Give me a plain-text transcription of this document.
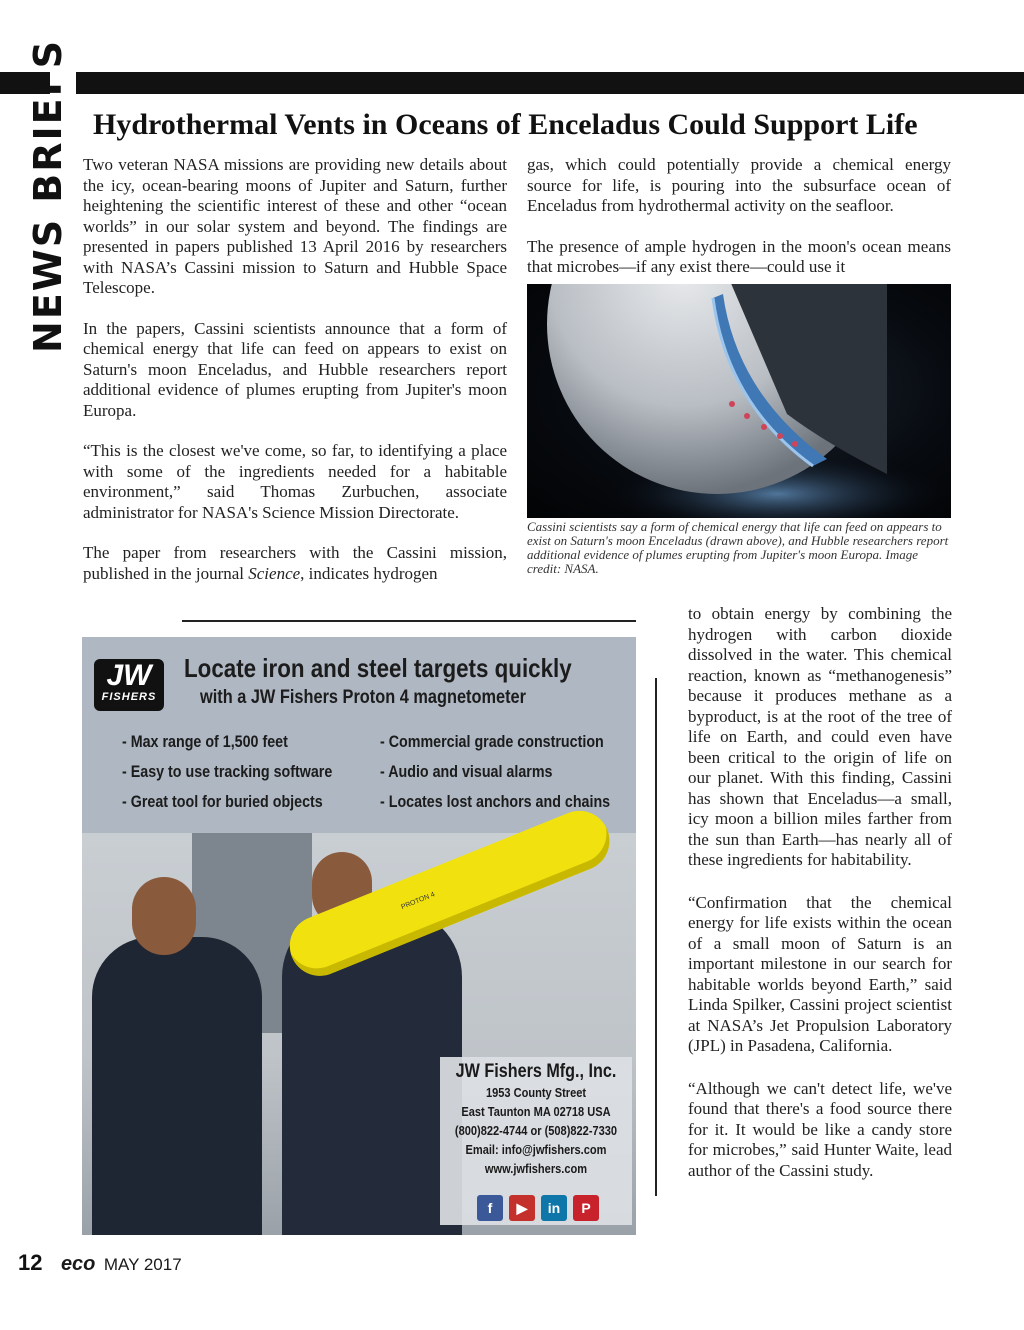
NEWS BRIEFS Hydrothermal Vents in Oceans of Enceladus Could Support Life

Two veteran NASA missions are providing new details about the icy, ocean-bearing moons of Jupiter and Saturn, further heightening the scientific interest of these and other “ocean worlds” in our solar system and beyond. The findings are presented in papers published 13 April 2016 by researchers with NASA’s Cassini mission to Saturn and Hubble Space Telescope.

In the papers, Cassini scientists announce that a form of chemical energy that life can feed on appears to exist on Saturn's moon Enceladus, and Hubble researchers report additional evidence of plumes erupting from Jupiter's moon Europa.

“This is the closest we've come, so far, to identifying a place with some of the ingredients needed for a habitable environment,” said Thomas Zurbuchen, associate administrator for NASA's Science Mission Directorate.

The paper from researchers with the Cassini mission, published in the journal Science, indicates hydrogen

gas, which could potentially provide a chemical energy source for life, is pouring into the subsurface ocean of Enceladus from hydrothermal activity on the seafloor.

The presence of ample hydrogen in the moon's ocean means that microbes—if any exist there—could use it

Cassini scientists say a form of chemical energy that life can feed on appears to exist on Saturn's moon Enceladus (drawn above), and Hubble researchers report additional evidence of plumes erupting from Jupiter's moon Europa. Image credit: NASA.
JW
FISHERS
Locate iron and steel targets quickly
with a JW Fishers Proton 4 magnetometer
- Max range of 1,500 feet
- Easy to use tracking software
- Great tool for buried objects
- Commercial grade construction
- Audio and visual alarms
- Locates lost anchors and chains
PROTON 4
JW Fishers Mfg., Inc.
1953 County Street
East Taunton MA 02718 USA
(800)822-4744 or (508)822-7330
Email: info@jwfishers.com
www.jwfishers.com
f	▶	in	P

to obtain energy by combining the hydrogen with carbon dioxide dissolved in the water. This chemical reaction, known as “methanogenesis” because it produces methane as a byproduct, is at the root of the tree of life on Earth, and could even have been critical to the origin of life on our planet. With this finding, Cassini has shown that Enceladus—a small, icy moon a billion miles farther from the sun than Earth—has nearly all of these ingredients for habitability.

“Confirmation that the chemical energy for life exists within the ocean of a small moon of Saturn is an important milestone in our search for habitable worlds beyond Earth,” said Linda Spilker, Cassini project scientist at NASA’s Jet Propulsion Laboratory (JPL) in Pasadena, California.

“Although we can't detect life, we've found that there's a food source there for it. It would be like a candy store for microbes,” said Hunter Waite, lead author of the Cassini study.

12 eco MAY 2017
